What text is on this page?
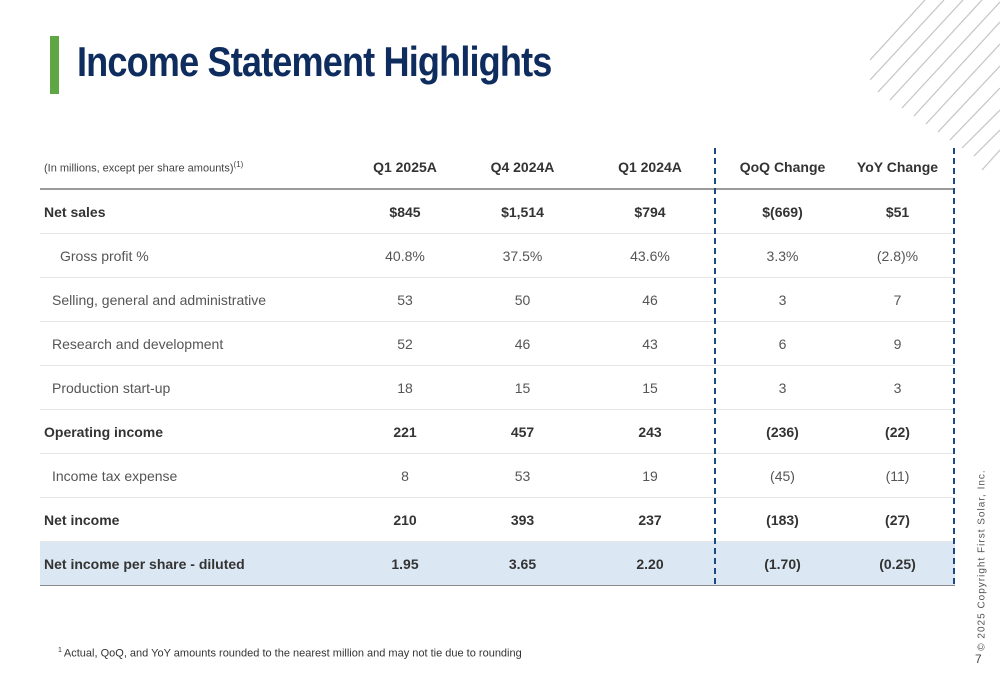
Income Statement Highlights
(In millions, except per share amounts)$^{(1)}$	Q1 2025A	Q4 2024A	Q1 2024A	QoQ Change	YoY Change
Net sales	$845	$1,514	$794	$(669)	$51
Gross profit %	40.8%	37.5%	43.6%	3.3%	(2.8)%
Selling, general and administrative	53	50	46	3	7
Research and development	52	46	43	6	9
Production start-up	18	15	15	3	3
Operating income	221	457	243	(236)	(22)
Income tax expense	8	53	19	(45)	(11)
Net income	210	393	237	(183)	(27)
Net income per share - diluted	1.95	3.65	2.20	(1.70)	(0.25)
$^1$ Actual, QoQ, and YoY amounts rounded to the nearest million and may not tie due to rounding
© 2025 Copyright First Solar, Inc.
7
